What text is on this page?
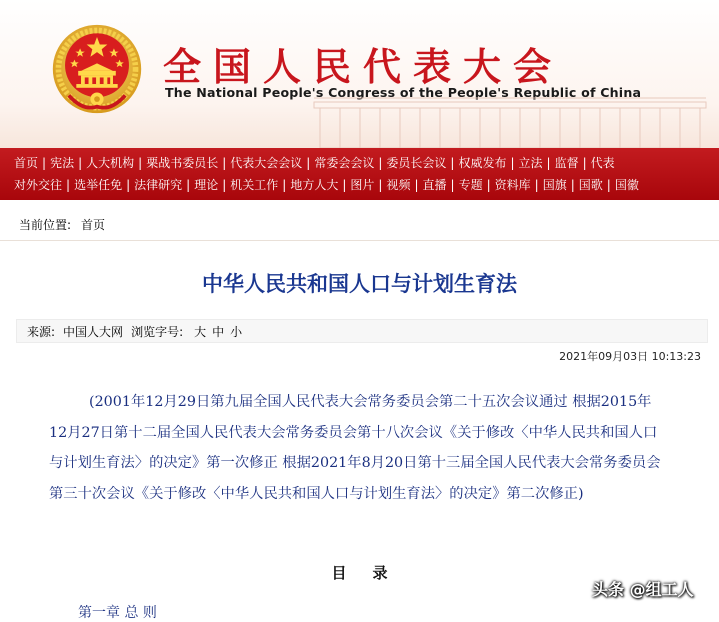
全国人民代表大会
The National People's Congress of the People's Republic of China
首页 | 宪法 | 人大机构 | 栗战书委员长 | 代表大会会议 | 常委会会议 | 委员长会议 | 权威发布 | 立法 | 监督 | 代表
对外交往 | 选举任免 | 法律研究 | 理论 | 机关工作 | 地方人大 | 图片 | 视频 | 直播 | 专题 | 资料库 | 国旗 | 国歌 | 国徽
当前位置: 首页
中华人民共和国人口与计划生育法
来源: 中国人大网 浏览字号: 大 中 小
2021年09月03日 10:13:23
(2001年12月29日第九届全国人民代表大会常务委员会第二十五次会议通过 根据2015年12月27日第十二届全国人民代表大会常务委员会第十八次会议《关于修改〈中华人民共和国人口与计划生育法〉的决定》第一次修正 根据2021年8月20日第十三届全国人民代表大会常务委员会第三十次会议《关于修改〈中华人民共和国人口与计划生育法〉的决定》第二次修正)
目 录
第一章 总 则
头条 @组工人
